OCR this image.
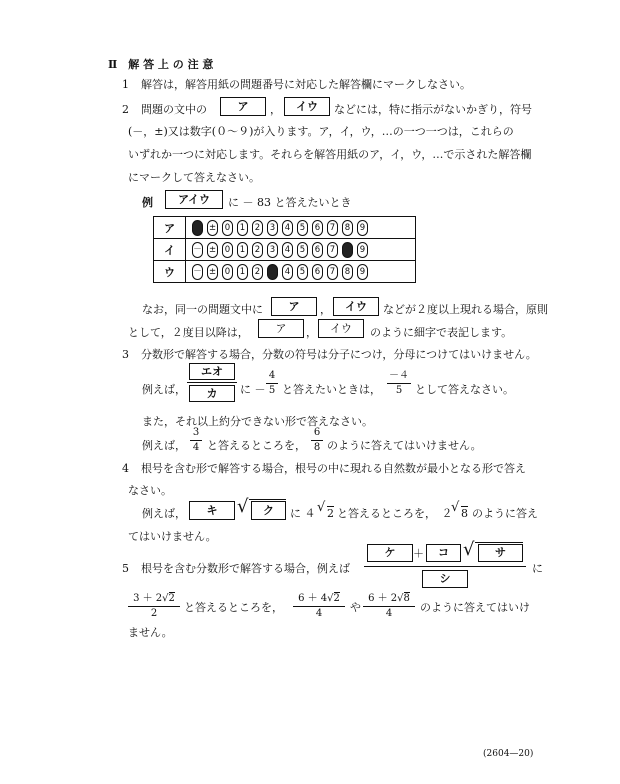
Ⅱ　解 答 上 の 注 意
1 解答は，解答用紙の問題番号に対応した解答欄にマークしなさい。
2 問題の文中の	ア	，	イウ	などには，特に指示がないかぎり，符号
(－，±)又は数字(０～９)が入ります。ア，イ，ウ，…の一つ一つは，これらの
いずれか一つに対応します。それらを解答用紙のア，イ，ウ，…で示された解答欄
にマークして答えなさい。
例	アイウ	に － 83 と答えたいとき
ア	－ ± 0 1 2 3 4 5 6 7 8 9
イ	－ ± 0 1 2 3 4 5 6 7 8 9
ウ	－ ± 0 1 2 3 4 5 6 7 8 9
なお，同一の問題文中に	ア	，	イウ	などが２度以上現れる場合，原則
として，２度目以降は，	ア	，	イウ	のように細字で表記します。
3 分数形で解答する場合，分数の符号は分子につけ，分母につけてはいけません。
例えば，
エオ
カ	に －
4
5 と答えたいときは，
－４
5	として答えなさい。
また，それ以上約分できない形で答えなさい。
例えば，
3
4 と答えるところを，
6
8 のように答えてはいけません。
4 根号を含む形で解答する場合，根号の中に現れる自然数が最小となる形で答え
なさい。
例えば，	キ	√	ク	に ４ √ 2 と答えるところを，　２
√ 8 のように答え
てはいけません。
5 根号を含む分数形で解答する場合，例えば
ケ	＋	コ √	サ
シ
に
3 ＋ 2√2
2	と答えるところを，
6 ＋ 4√2
4	や
6 ＋ 2√8
4	のように答えてはいけ
ません。
(2604—20)
